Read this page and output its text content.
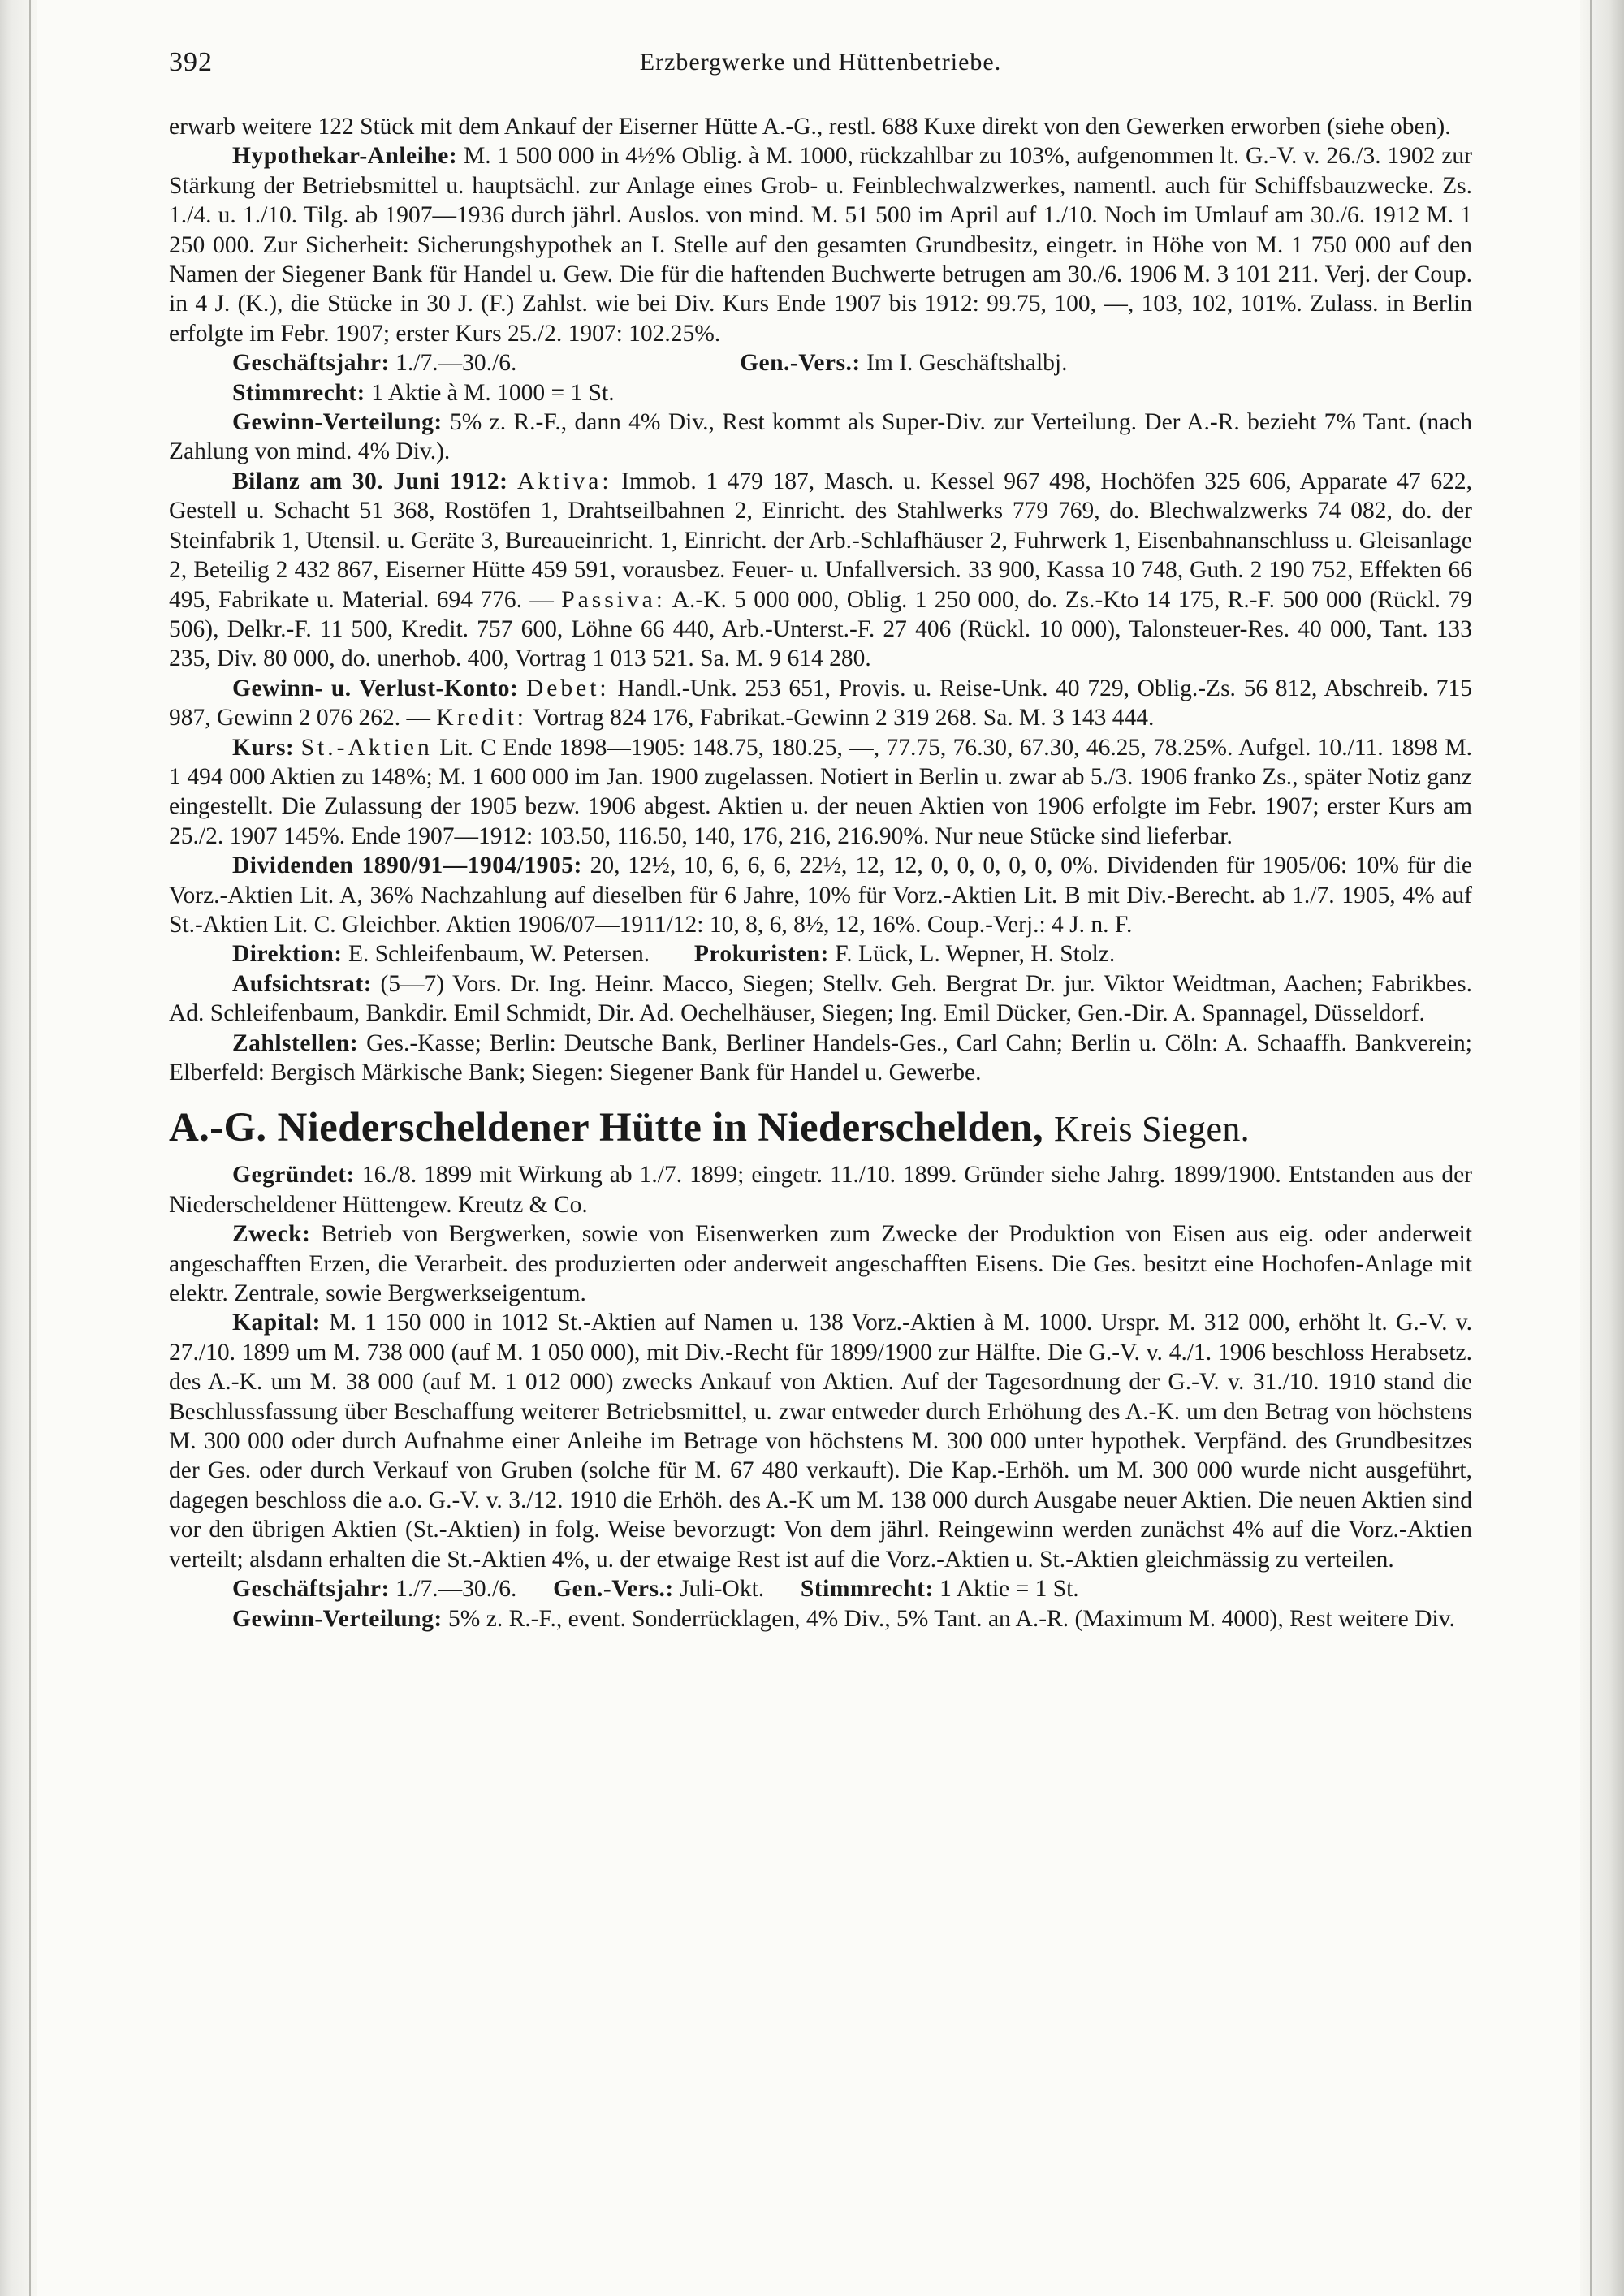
392	Erzbergwerke und Hüttenbetriebe.

erwarb weitere 122 Stück mit dem Ankauf der Eiserner Hütte A.-G., restl. 688 Kuxe direkt von den Gewerken erworben (siehe oben).

Hypothekar-Anleihe: M. 1 500 000 in 4½% Oblig. à M. 1000, rückzahlbar zu 103%, aufgenommen lt. G.-V. v. 26./3. 1902 zur Stärkung der Betriebsmittel u. hauptsächl. zur Anlage eines Grob- u. Feinblechwalzwerkes, namentl. auch für Schiffsbauzwecke. Zs. 1./4. u. 1./10. Tilg. ab 1907—1936 durch jährl. Auslos. von mind. M. 51 500 im April auf 1./10. Noch im Umlauf am 30./6. 1912 M. 1 250 000. Zur Sicherheit: Sicherungshypothek an I. Stelle auf den gesamten Grundbesitz, eingetr. in Höhe von M. 1 750 000 auf den Namen der Siegener Bank für Handel u. Gew. Die für die haftenden Buchwerte betrugen am 30./6. 1906 M. 3 101 211. Verj. der Coup. in 4 J. (K.), die Stücke in 30 J. (F.) Zahlst. wie bei Div. Kurs Ende 1907 bis 1912: 99.75, 100, —, 103, 102, 101%. Zulass. in Berlin erfolgte im Febr. 1907; erster Kurs 25./2. 1907: 102.25%.

Geschäftsjahr: 1./7.—30./6.	Gen.-Vers.: Im I. Geschäftshalbj.

Stimmrecht: 1 Aktie à M. 1000 = 1 St.

Gewinn-Verteilung: 5% z. R.-F., dann 4% Div., Rest kommt als Super-Div. zur Verteilung. Der A.-R. bezieht 7% Tant. (nach Zahlung von mind. 4% Div.).

Bilanz am 30. Juni 1912: Aktiva: Immob. 1 479 187, Masch. u. Kessel 967 498, Hochöfen 325 606, Apparate 47 622, Gestell u. Schacht 51 368, Rostöfen 1, Drahtseilbahnen 2, Einricht. des Stahlwerks 779 769, do. Blechwalzwerks 74 082, do. der Steinfabrik 1, Utensil. u. Geräte 3, Bureaueinricht. 1, Einricht. der Arb.-Schlafhäuser 2, Fuhrwerk 1, Eisenbahnanschluss u. Gleisanlage 2, Beteilig 2 432 867, Eiserner Hütte 459 591, vorausbez. Feuer- u. Unfallversich. 33 900, Kassa 10 748, Guth. 2 190 752, Effekten 66 495, Fabrikate u. Material. 694 776. — Passiva: A.-K. 5 000 000, Oblig. 1 250 000, do. Zs.-Kto 14 175, R.-F. 500 000 (Rückl. 79 506), Delkr.-F. 11 500, Kredit. 757 600, Löhne 66 440, Arb.-Unterst.-F. 27 406 (Rückl. 10 000), Talonsteuer-Res. 40 000, Tant. 133 235, Div. 80 000, do. unerhob. 400, Vortrag 1 013 521. Sa. M. 9 614 280.

Gewinn- u. Verlust-Konto: Debet: Handl.-Unk. 253 651, Provis. u. Reise-Unk. 40 729, Oblig.-Zs. 56 812, Abschreib. 715 987, Gewinn 2 076 262. — Kredit: Vortrag 824 176, Fabrikat.-Gewinn 2 319 268. Sa. M. 3 143 444.

Kurs: St.-Aktien Lit. C Ende 1898—1905: 148.75, 180.25, —, 77.75, 76.30, 67.30, 46.25, 78.25%. Aufgel. 10./11. 1898 M. 1 494 000 Aktien zu 148%; M. 1 600 000 im Jan. 1900 zugelassen. Notiert in Berlin u. zwar ab 5./3. 1906 franko Zs., später Notiz ganz eingestellt. Die Zulassung der 1905 bezw. 1906 abgest. Aktien u. der neuen Aktien von 1906 erfolgte im Febr. 1907; erster Kurs am 25./2. 1907 145%. Ende 1907—1912: 103.50, 116.50, 140, 176, 216, 216.90%. Nur neue Stücke sind lieferbar.

Dividenden 1890/91—1904/1905: 20, 12½, 10, 6, 6, 6, 22½, 12, 12, 0, 0, 0, 0, 0, 0%. Dividenden für 1905/06: 10% für die Vorz.-Aktien Lit. A, 36% Nachzahlung auf dieselben für 6 Jahre, 10% für Vorz.-Aktien Lit. B mit Div.-Berecht. ab 1./7. 1905, 4% auf St.-Aktien Lit. C. Gleichber. Aktien 1906/07—1911/12: 10, 8, 6, 8½, 12, 16%. Coup.-Verj.: 4 J. n. F.

Direktion: E. Schleifenbaum, W. Petersen. Prokuristen: F. Lück, L. Wepner, H. Stolz.

Aufsichtsrat: (5—7) Vors. Dr. Ing. Heinr. Macco, Siegen; Stellv. Geh. Bergrat Dr. jur. Viktor Weidtman, Aachen; Fabrikbes. Ad. Schleifenbaum, Bankdir. Emil Schmidt, Dir. Ad. Oechelhäuser, Siegen; Ing. Emil Dücker, Gen.-Dir. A. Spannagel, Düsseldorf.

Zahlstellen: Ges.-Kasse; Berlin: Deutsche Bank, Berliner Handels-Ges., Carl Cahn; Berlin u. Cöln: A. Schaaffh. Bankverein; Elberfeld: Bergisch Märkische Bank; Siegen: Siegener Bank für Handel u. Gewerbe.

A.-G. Niederscheldener Hütte in Niederschelden, Kreis Siegen.

Gegründet: 16./8. 1899 mit Wirkung ab 1./7. 1899; eingetr. 11./10. 1899. Gründer siehe Jahrg. 1899/1900. Entstanden aus der Niederscheldener Hüttengew. Kreutz & Co.

Zweck: Betrieb von Bergwerken, sowie von Eisenwerken zum Zwecke der Produktion von Eisen aus eig. oder anderweit angeschafften Erzen, die Verarbeit. des produzierten oder anderweit angeschafften Eisens. Die Ges. besitzt eine Hochofen-Anlage mit elektr. Zentrale, sowie Bergwerkseigentum.

Kapital: M. 1 150 000 in 1012 St.-Aktien auf Namen u. 138 Vorz.-Aktien à M. 1000. Urspr. M. 312 000, erhöht lt. G.-V. v. 27./10. 1899 um M. 738 000 (auf M. 1 050 000), mit Div.-Recht für 1899/1900 zur Hälfte. Die G.-V. v. 4./1. 1906 beschloss Herabsetz. des A.-K. um M. 38 000 (auf M. 1 012 000) zwecks Ankauf von Aktien. Auf der Tagesordnung der G.-V. v. 31./10. 1910 stand die Beschlussfassung über Beschaffung weiterer Betriebsmittel, u. zwar entweder durch Erhöhung des A.-K. um den Betrag von höchstens M. 300 000 oder durch Aufnahme einer Anleihe im Betrage von höchstens M. 300 000 unter hypothek. Verpfänd. des Grundbesitzes der Ges. oder durch Verkauf von Gruben (solche für M. 67 480 verkauft). Die Kap.-Erhöh. um M. 300 000 wurde nicht ausgeführt, dagegen beschloss die a.o. G.-V. v. 3./12. 1910 die Erhöh. des A.-K um M. 138 000 durch Ausgabe neuer Aktien. Die neuen Aktien sind vor den übrigen Aktien (St.-Aktien) in folg. Weise bevorzugt: Von dem jährl. Reingewinn werden zunächst 4% auf die Vorz.-Aktien verteilt; alsdann erhalten die St.-Aktien 4%, u. der etwaige Rest ist auf die Vorz.-Aktien u. St.-Aktien gleichmässig zu verteilen.

Geschäftsjahr: 1./7.—30./6. Gen.-Vers.: Juli-Okt. Stimmrecht: 1 Aktie = 1 St.

Gewinn-Verteilung: 5% z. R.-F., event. Sonderrücklagen, 4% Div., 5% Tant. an A.-R. (Maximum M. 4000), Rest weitere Div.
